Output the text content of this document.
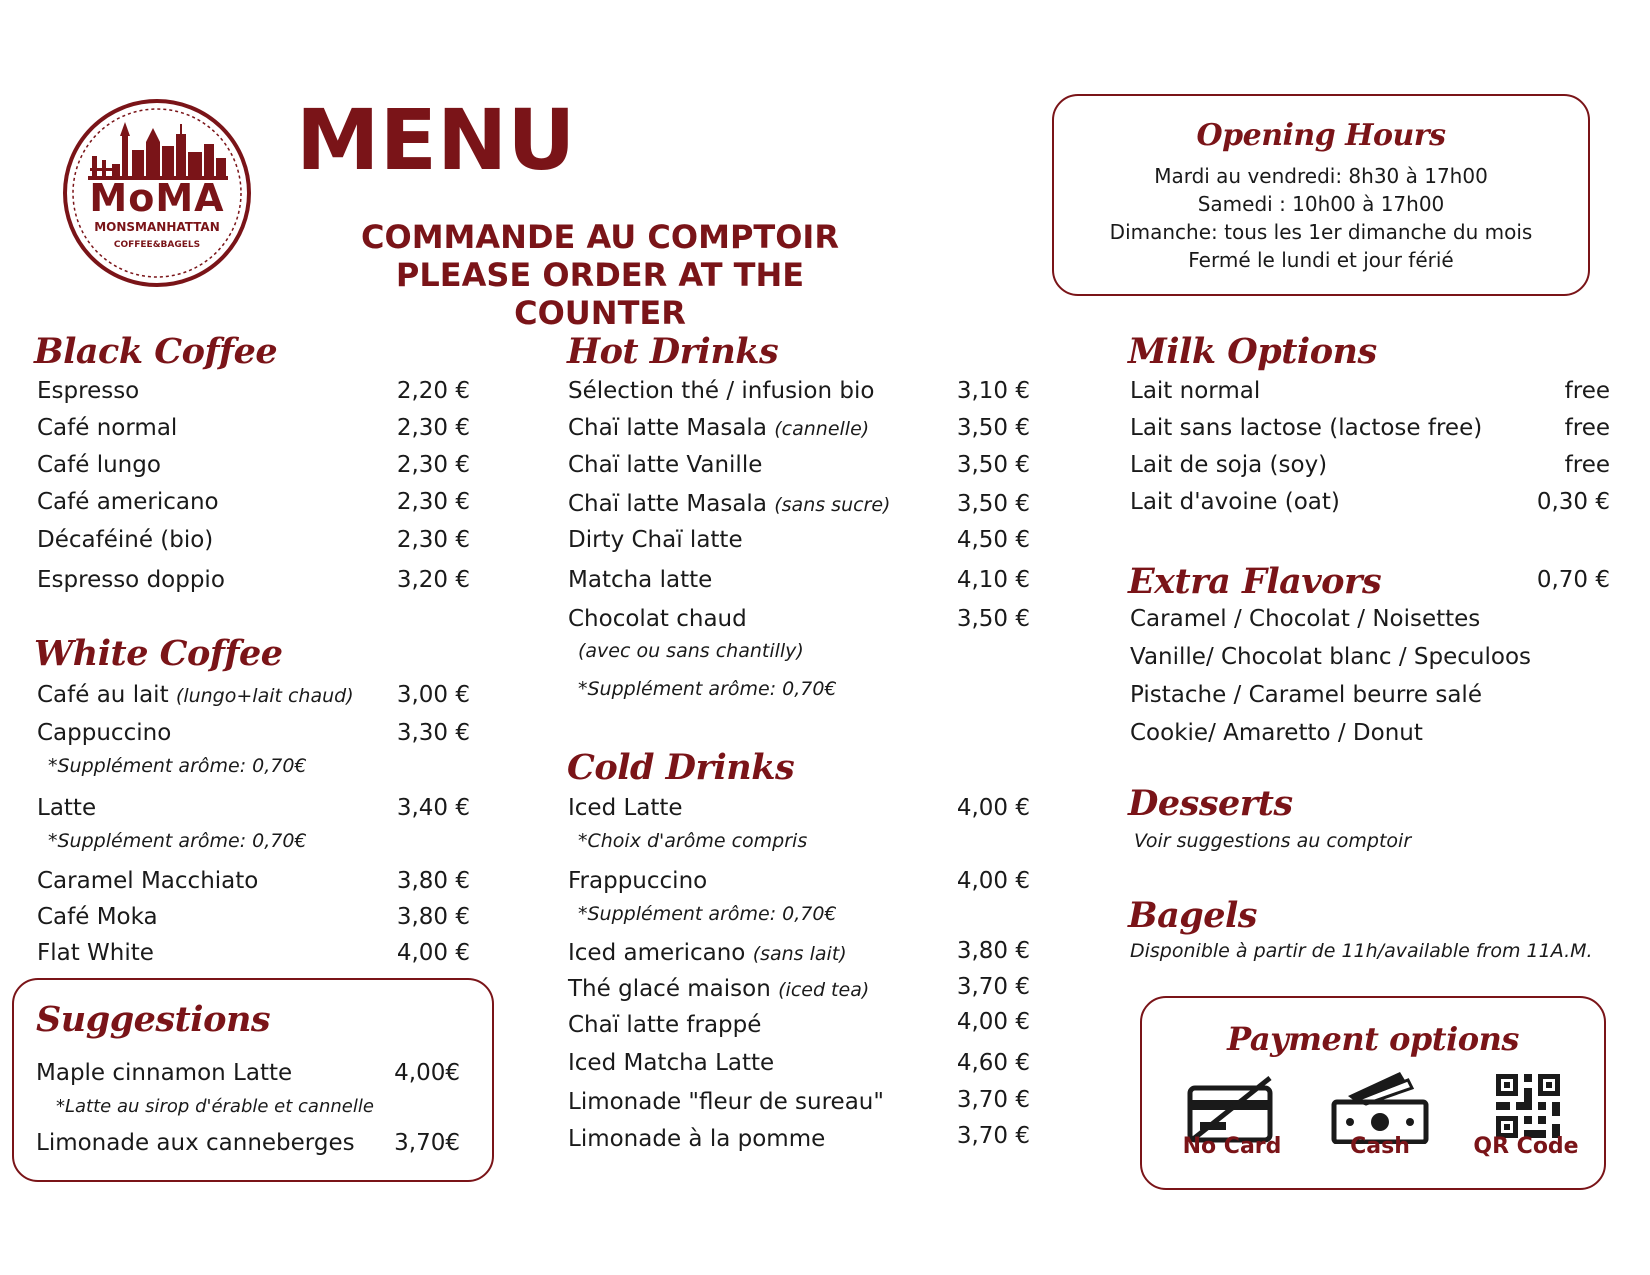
MoMA
MONSMANHATTAN
COFFEE&BAGELS
MENU
COMMANDE AU COMPTOIR
PLEASE ORDER AT THE COUNTER
Opening Hours
Mardi au vendredi: 8h30 à 17h00
Samedi : 10h00 à 17h00
Dimanche: tous les 1er dimanche du mois
Fermé le lundi et jour férié
Black Coffee
Espresso	2,20 €
Café normal	2,30 €
Café lungo	2,30 €
Café americano	2,30 €
Décaféiné (bio)	2,30 €
Espresso doppio	3,20 €
White Coffee
Café au lait (lungo+lait chaud)	3,00 €
Cappuccino	3,30 €
*Supplément arôme: 0,70€
Latte	3,40 €
*Supplément arôme: 0,70€
Caramel Macchiato	3,80 €
Café Moka	3,80 €
Flat White	4,00 €
Suggestions
Maple cinnamon Latte	4,00€
*Latte au sirop d'érable et cannelle
Limonade aux canneberges	3,70€
Hot Drinks
Sélection thé / infusion bio	3,10 €
Chaï latte Masala (cannelle)	3,50 €
Chaï latte Vanille	3,50 €
Chaï latte Masala (sans sucre)	3,50 €
Dirty Chaï latte	4,50 €
Matcha latte	4,10 €
Chocolat chaud	3,50 €
(avec ou sans chantilly)
*Supplément arôme: 0,70€
Cold Drinks
Iced Latte	4,00 €
*Choix d'arôme compris
Frappuccino	4,00 €
*Supplément arôme: 0,70€
Iced americano (sans lait)	3,80 €
Thé glacé maison (iced tea)	3,70 €
Chaï latte frappé	4,00 €
Iced Matcha Latte	4,60 €
Limonade "fleur de sureau"	3,70 €
Limonade à la pomme	3,70 €
Milk Options
Lait normal	free
Lait sans lactose (lactose free)	free
Lait de soja (soy)	free
Lait d'avoine (oat)	0,30 €
Extra Flavors	0,70 €
Caramel / Chocolat / Noisettes
Vanille/ Chocolat blanc / Speculoos
Pistache / Caramel beurre salé
Cookie/ Amaretto / Donut
Desserts
Voir suggestions au comptoir
Bagels
Disponible à partir de 11h/available from 11A.M.
Payment options
No Card	Cash	QR Code
